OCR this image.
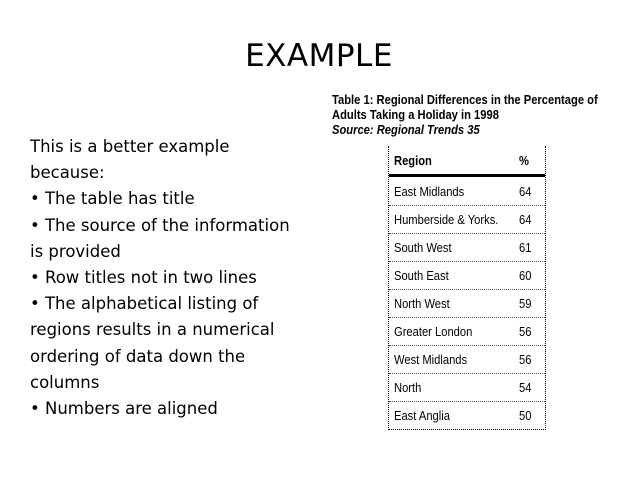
EXAMPLE
This is a better example
because:
• The table has title
• The source of the information
is provided
• Row titles not in two lines
• The alphabetical listing of
regions results in a numerical
ordering of data down the
columns
• Numbers are aligned
Table 1: Regional Differences in the Percentage of
Adults Taking a Holiday in 1998
Source: Regional Trends 35
Region	%
East Midlands	64
Humberside & Yorks. 64
South West	61
South East	60
North West	59
Greater London	56
West Midlands	56
North	54
East Anglia	50
